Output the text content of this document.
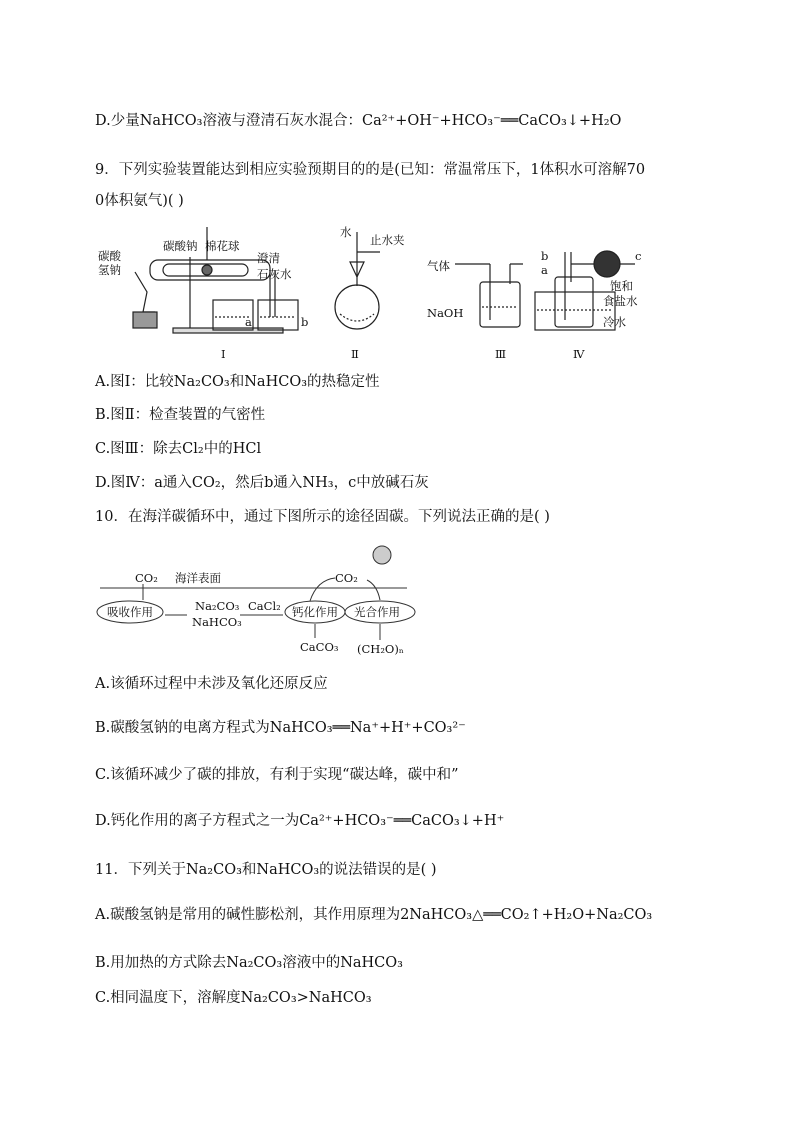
D.少量NaHCO₃溶液与澄清石灰水混合：Ca²⁺+OH⁻+HCO₃⁻══CaCO₃↓+H₂O
9．下列实验装置能达到相应实验预期目的的是(已知：常温常压下，1体积水可溶解70
0体积氨气)( )
碳酸
氢钠
碳酸钠 棉花球
澄清
石灰水
a	b
Ⅰ
水
止水夹
Ⅱ
气体
NaOH
Ⅲ
b
a
c
饱和
食盐水
冷水
Ⅳ
A.图Ⅰ：比较Na₂CO₃和NaHCO₃的热稳定性
B.图Ⅱ：检查装置的气密性
C.图Ⅲ：除去Cl₂中的HCl
D.图Ⅳ：a通入CO₂，然后b通入NH₃，c中放碱石灰
10．在海洋碳循环中，通过下图所示的途径固碳。下列说法正确的是( )
CO₂ 海洋表面
吸收作用	Na₂CO₃
NaHCO₃
CaCl₂ 钙化作用 光合作用
CO₂
CaCO₃ (CH₂O)ₙ
A.该循环过程中未涉及氧化还原反应
B.碳酸氢钠的电离方程式为NaHCO₃══Na⁺+H⁺+CO₃²⁻
C.该循环减少了碳的排放，有利于实现“碳达峰，碳中和”
D.钙化作用的离子方程式之一为Ca²⁺+HCO₃⁻══CaCO₃↓+H⁺
11．下列关于Na₂CO₃和NaHCO₃的说法错误的是( )
A.碳酸氢钠是常用的碱性膨松剂，其作用原理为2NaHCO₃△══CO₂↑+H₂O+Na₂CO₃
B.用加热的方式除去Na₂CO₃溶液中的NaHCO₃
C.相同温度下，溶解度Na₂CO₃>NaHCO₃
